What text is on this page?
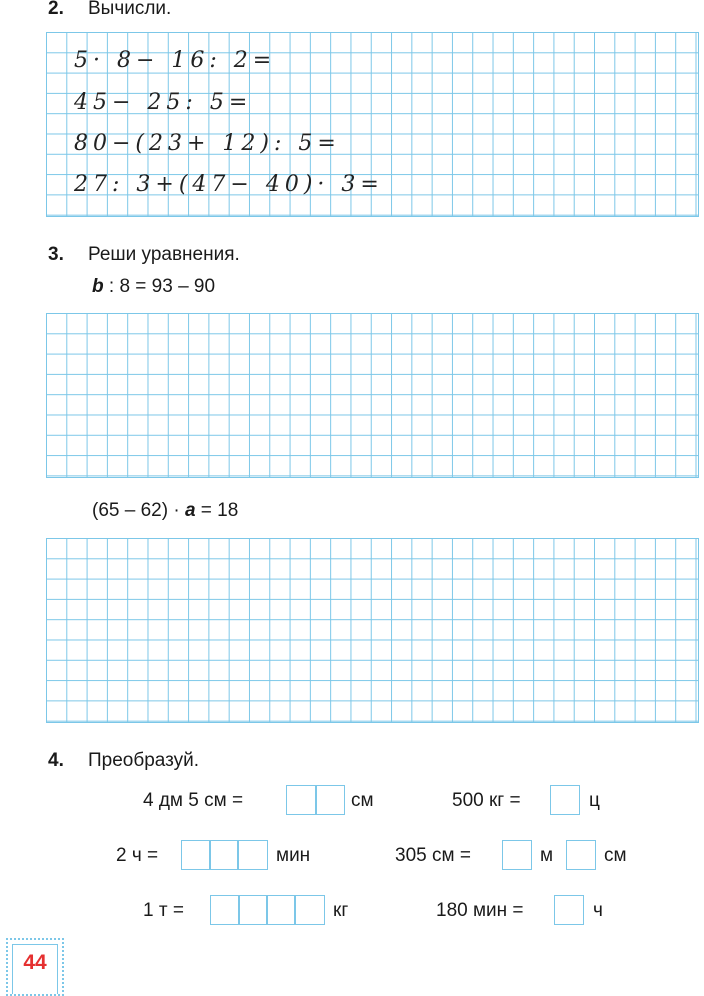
2. Вычисли.
5· 8− 16: 2=
45− 25: 5=
80−(23+ 12): 5=
27: 3+(47− 40)· 3=
3. Реши уравнения.
b : 8 = 93 – 90
(65 – 62) · a = 18
4. Преобразуй.
4 дм 5 см =	см	500 кг =	ц
2 ч =	мин	305 см =	м	см
1 т =	кг	180 мин =	ч
44
